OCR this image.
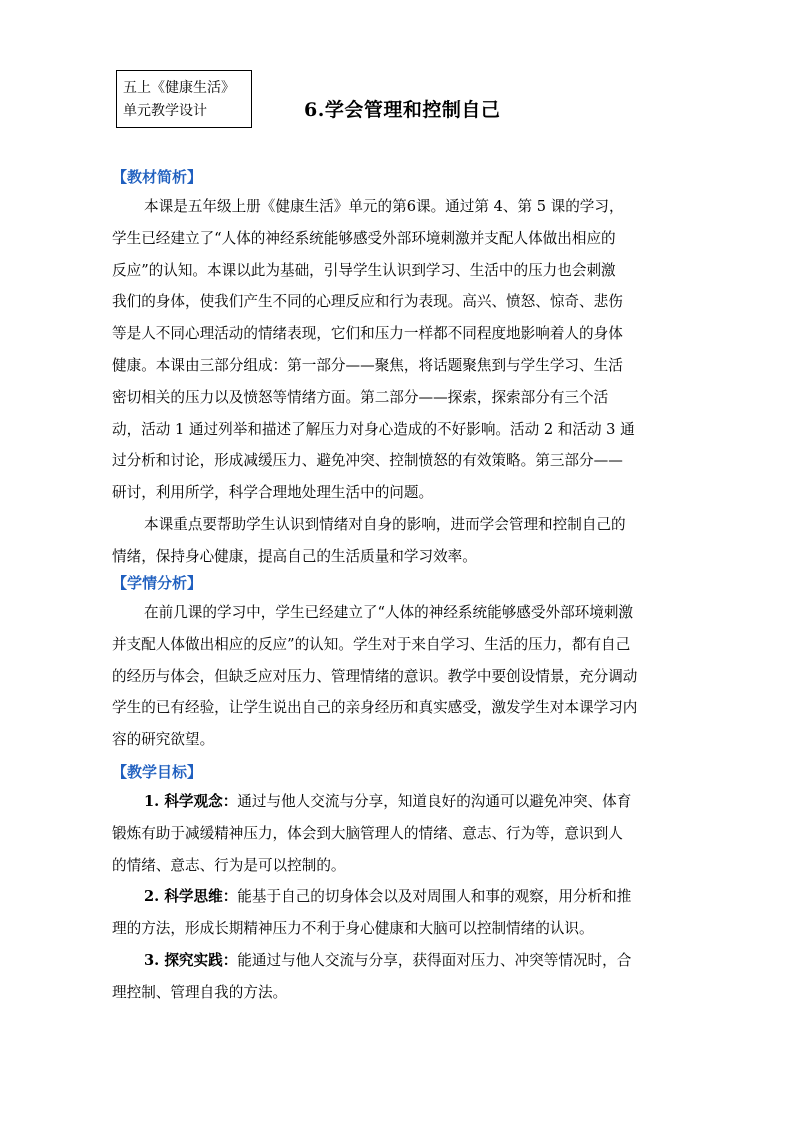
五上《健康生活》
单元教学设计	6.学会管理和控制自己
【教材简析】
本课是五年级上册《健康生活》单元的第6课。通过第 4、第 5 课的学习，
学生已经建立了“人体的神经系统能够感受外部环境刺激并支配人体做出相应的
反应”的认知。本课以此为基础，引导学生认识到学习、生活中的压力也会刺激
我们的身体，使我们产生不同的心理反应和行为表现。高兴、愤怒、惊奇、悲伤
等是人不同心理活动的情绪表现，它们和压力一样都不同程度地影响着人的身体
健康。本课由三部分组成：第一部分——聚焦，将话题聚焦到与学生学习、生活
密切相关的压力以及愤怒等情绪方面。第二部分——探索，探索部分有三个活
动，活动 1 通过列举和描述了解压力对身心造成的不好影响。活动 2 和活动 3 通
过分析和讨论，形成减缓压力、避免冲突、控制愤怒的有效策略。第三部分——
研讨，利用所学，科学合理地处理生活中的问题。
本课重点要帮助学生认识到情绪对自身的影响，进而学会管理和控制自己的
情绪，保持身心健康，提高自己的生活质量和学习效率。
【学情分析】
在前几课的学习中，学生已经建立了“人体的神经系统能够感受外部环境刺激
并支配人体做出相应的反应”的认知。学生对于来自学习、生活的压力，都有自己
的经历与体会，但缺乏应对压力、管理情绪的意识。教学中要创设情景，充分调动
学生的已有经验，让学生说出自己的亲身经历和真实感受，激发学生对本课学习内
容的研究欲望。
【教学目标】
1. 科学观念：通过与他人交流与分享，知道良好的沟通可以避免冲突、体育
锻炼有助于减缓精神压力，体会到大脑管理人的情绪、意志、行为等，意识到人
的情绪、意志、行为是可以控制的。
2. 科学思维：能基于自己的切身体会以及对周围人和事的观察，用分析和推
理的方法，形成长期精神压力不利于身心健康和大脑可以控制情绪的认识。
3. 探究实践：能通过与他人交流与分享，获得面对压力、冲突等情况时，合
理控制、管理自我的方法。
